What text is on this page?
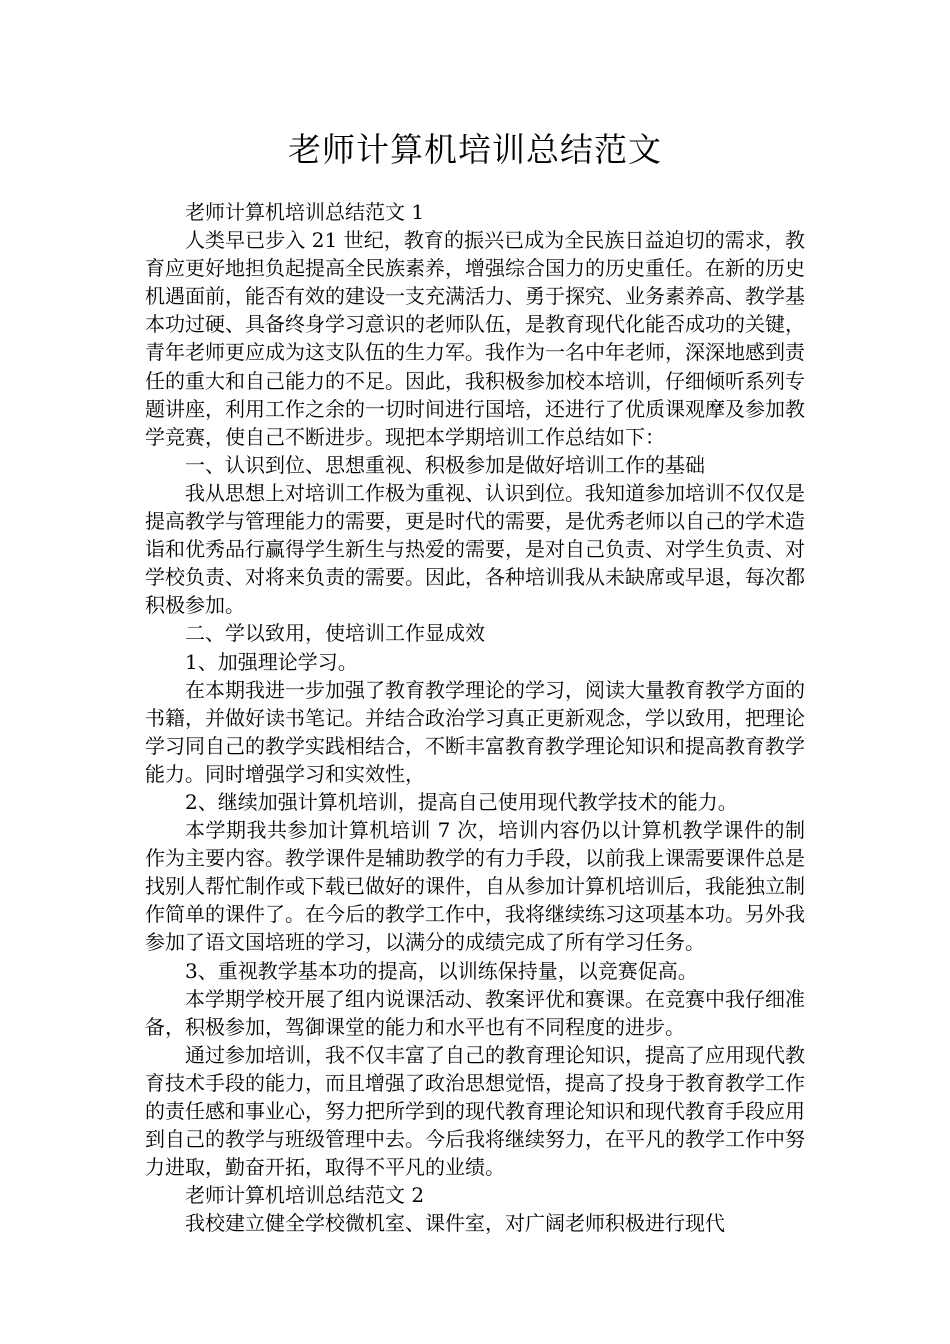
老师计算机培训总结范文

老师计算机培训总结范文 1

人类早已步入 21 世纪，教育的振兴已成为全民族日益迫切的需求，教育应更好地担负起提高全民族素养，增强综合国力的历史重任。在新的历史机遇面前，能否有效的建设一支充满活力、勇于探究、业务素养高、教学基本功过硬、具备终身学习意识的老师队伍，是教育现代化能否成功的关键，青年老师更应成为这支队伍的生力军。我作为一名中年老师，深深地感到责任的重大和自己能力的不足。因此，我积极参加校本培训，仔细倾听系列专题讲座，利用工作之余的一切时间进行国培，还进行了优质课观摩及参加教学竞赛，使自己不断进步。现把本学期培训工作总结如下：

一、认识到位、思想重视、积极参加是做好培训工作的基础

我从思想上对培训工作极为重视、认识到位。我知道参加培训不仅仅是提高教学与管理能力的需要，更是时代的需要，是优秀老师以自己的学术造诣和优秀品行赢得学生新生与热爱的需要，是对自己负责、对学生负责、对学校负责、对将来负责的需要。因此，各种培训我从未缺席或早退，每次都积极参加。

二、学以致用，使培训工作显成效

1、加强理论学习。

在本期我进一步加强了教育教学理论的学习，阅读大量教育教学方面的书籍，并做好读书笔记。并结合政治学习真正更新观念，学以致用，把理论学习同自己的教学实践相结合，不断丰富教育教学理论知识和提高教育教学能力。同时增强学习和实效性，

2、继续加强计算机培训，提高自己使用现代教学技术的能力。

本学期我共参加计算机培训 7 次，培训内容仍以计算机教学课件的制作为主要内容。教学课件是辅助教学的有力手段，以前我上课需要课件总是找别人帮忙制作或下载已做好的课件，自从参加计算机培训后，我能独立制作简单的课件了。在今后的教学工作中，我将继续练习这项基本功。另外我参加了语文国培班的学习，以满分的成绩完成了所有学习任务。

3、重视教学基本功的提高，以训练保持量，以竞赛促高。

本学期学校开展了组内说课活动、教案评优和赛课。在竞赛中我仔细准备，积极参加，驾御课堂的能力和水平也有不同程度的进步。

通过参加培训，我不仅丰富了自己的教育理论知识，提高了应用现代教育技术手段的能力，而且增强了政治思想觉悟，提高了投身于教育教学工作的责任感和事业心，努力把所学到的现代教育理论知识和现代教育手段应用到自己的教学与班级管理中去。今后我将继续努力，在平凡的教学工作中努力进取，勤奋开拓，取得不平凡的业绩。

老师计算机培训总结范文 2

我校建立健全学校微机室、课件室，对广阔老师积极进行现代
